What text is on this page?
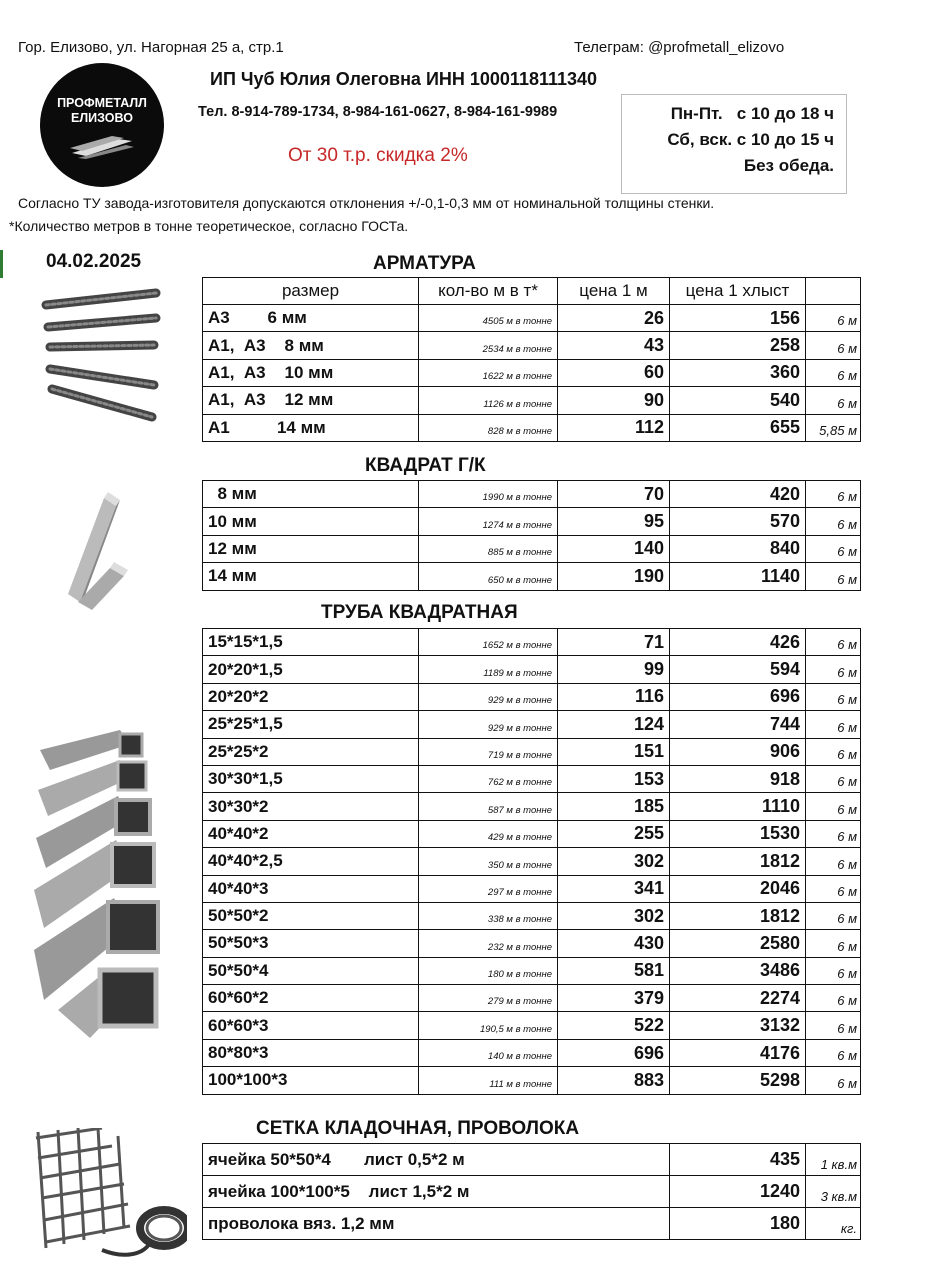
Гор. Елизово, ул. Нагорная 25 а, стр.1	Телеграм: @profmetall_elizovo
ПРОФМЕТАЛЛ
ЕЛИЗОВО
ИП Чуб Юлия Олеговна ИНН 1000118111340
Тел. 8-914-789-1734, 8-984-161-0627, 8-984-161-9989
От 30 т.р. скидка 2%
Пн-Пт.   с 10 до 18 ч
Сб, вск. с 10 до 15 ч
Без обеда.
Согласно ТУ завода-изготовителя допускаются отклонения +/-0,1-0,3 мм от номинальной толщины стенки.
*Количество метров в тонне теоретическое, согласно ГОСТа.
04.02.2025	АРМАТУРА
КВАДРАТ Г/К
ТРУБА КВАДРАТНАЯ
СЕТКА КЛАДОЧНАЯ, ПРОВОЛОКА
размер	кол-во м в т*	цена 1 м	цена 1 хлыст	
А3        6 мм	4505 м в тонне	26	156	6 м
А1,  А3    8 мм	2534 м в тонне	43	258	6 м
А1,  А3    10 мм	1622 м в тонне	60	360	6 м
А1,  А3    12 мм	1126 м в тонне	90	540	6 м
А1          14 мм	828 м в тонне	112	655	5,85 м
8 мм	1990 м в тонне	70	420	6 м
10 мм	1274 м в тонне	95	570	6 м
12 мм	885 м в тонне	140	840	6 м
14 мм	650 м в тонне	190	1140	6 м
15*15*1,5	1652 м в тонне	71	426	6 м
20*20*1,5	1189 м в тонне	99	594	6 м
20*20*2	929 м в тонне	116	696	6 м
25*25*1,5	929 м в тонне	124	744	6 м
25*25*2	719 м в тонне	151	906	6 м
30*30*1,5	762 м в тонне	153	918	6 м
30*30*2	587 м в тонне	185	1110	6 м
40*40*2	429 м в тонне	255	1530	6 м
40*40*2,5	350 м в тонне	302	1812	6 м
40*40*3	297 м в тонне	341	2046	6 м
50*50*2	338 м в тонне	302	1812	6 м
50*50*3	232 м в тонне	430	2580	6 м
50*50*4	180 м в тонне	581	3486	6 м
60*60*2	279 м в тонне	379	2274	6 м
60*60*3	190,5 м в тонне	522	3132	6 м
80*80*3	140 м в тонне	696	4176	6 м
100*100*3	111 м в тонне	883	5298	6 м
ячейка 50*50*4       лист 0,5*2 м	435	1 кв.м
ячейка 100*100*5    лист 1,5*2 м	1240	3 кв.м
проволока вяз. 1,2 мм	180	кг.
